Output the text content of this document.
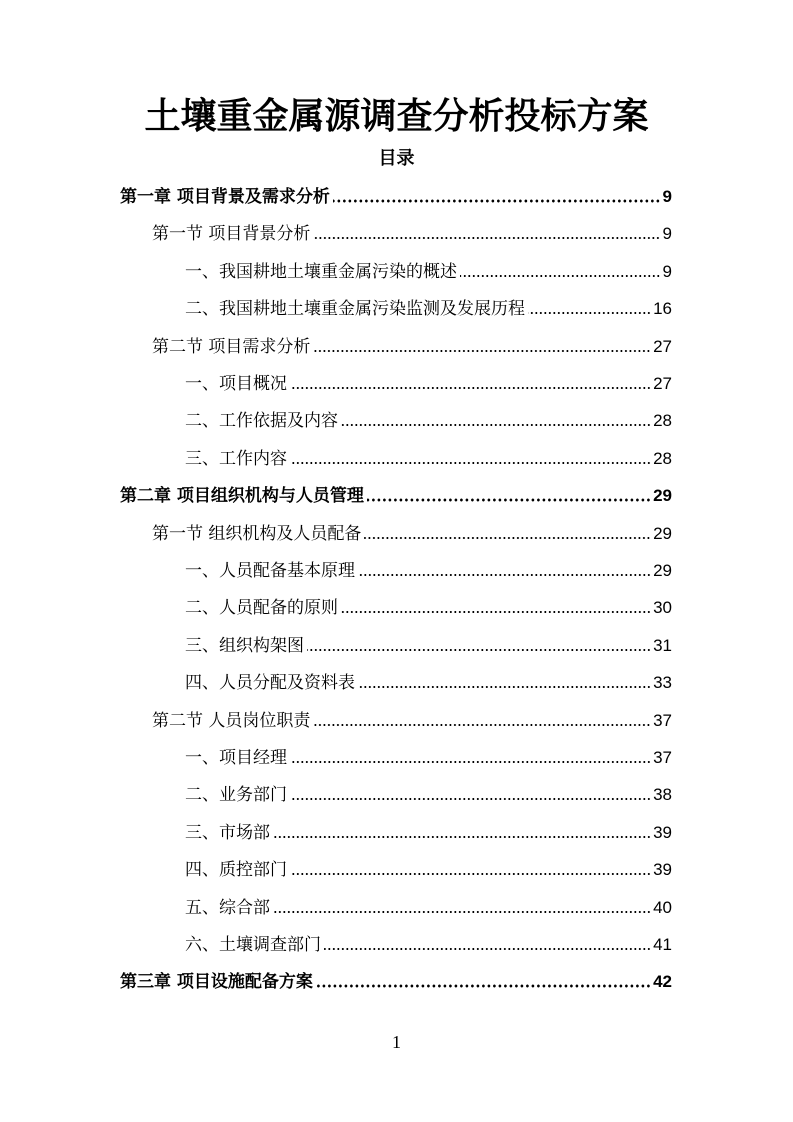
土壤重金属源调查分析投标方案
目录
第一章 项目背景及需求分析	9
第一节 项目背景分析	9
一、我国耕地土壤重金属污染的概述	9
二、我国耕地土壤重金属污染监测及发展历程	16
第二节 项目需求分析	27
一、项目概况	27
二、工作依据及内容	28
三、工作内容	28
第二章 项目组织机构与人员管理	29
第一节 组织机构及人员配备	29
一、人员配备基本原理	29
二、人员配备的原则	30
三、组织构架图	31
四、人员分配及资料表	33
第二节 人员岗位职责	37
一、项目经理	37
二、业务部门	38
三、市场部	39
四、质控部门	39
五、综合部	40
六、土壤调查部门	41
第三章 项目设施配备方案	42
1
